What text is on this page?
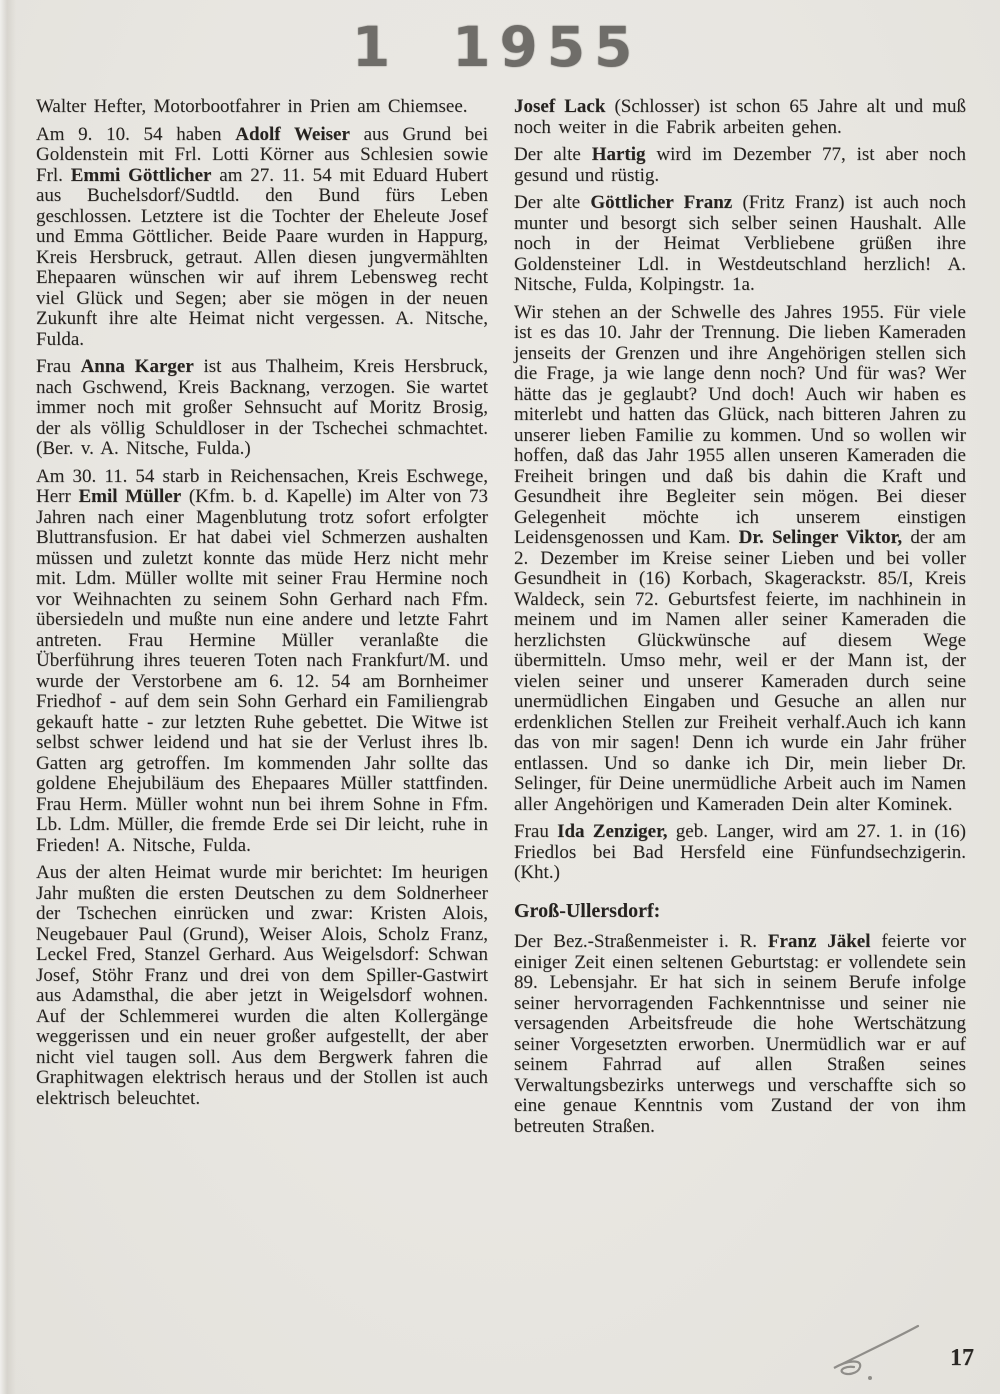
1 1955

Walter Hefter, Motorbootfahrer in Prien am Chiemsee.

Am 9. 10. 54 haben Adolf Weiser aus Grund bei Goldenstein mit Frl. Lotti Körner aus Schlesien sowie Frl. Emmi Göttlicher am 27. 11. 54 mit Eduard Hubert aus Buchelsdorf/Sudtld. den Bund fürs Leben geschlossen. Letztere ist die Tochter der Eheleute Josef und Emma Göttlicher. Beide Paare wurden in Happurg, Kreis Hersbruck, getraut. Allen diesen jungvermählten Ehepaaren wünschen wir auf ihrem Lebensweg recht viel Glück und Segen; aber sie mögen in der neuen Zukunft ihre alte Heimat nicht vergessen. A. Nitsche, Fulda.

Frau Anna Karger ist aus Thalheim, Kreis Hersbruck, nach Gschwend, Kreis Backnang, verzogen. Sie wartet immer noch mit großer Sehnsucht auf Moritz Brosig, der als völlig Schuldloser in der Tschechei schmachtet. (Ber. v. A. Nitsche, Fulda.)

Am 30. 11. 54 starb in Reichensachen, Kreis Eschwege, Herr Emil Müller (Kfm. b. d. Kapelle) im Alter von 73 Jahren nach einer Magenblutung trotz sofort erfolgter Bluttransfusion. Er hat dabei viel Schmerzen aushalten müssen und zuletzt konnte das müde Herz nicht mehr mit. Ldm. Müller wollte mit seiner Frau Hermine noch vor Weihnachten zu seinem Sohn Gerhard nach Ffm. übersiedeln und mußte nun eine andere und letzte Fahrt antreten. Frau Hermine Müller veranlaßte die Überführung ihres teueren Toten nach Frankfurt/M. und wurde der Verstorbene am 6. 12. 54 am Bornheimer Friedhof - auf dem sein Sohn Gerhard ein Familiengrab gekauft hatte - zur letzten Ruhe gebettet. Die Witwe ist selbst schwer leidend und hat sie der Verlust ihres lb. Gatten arg getroffen. Im kommenden Jahr sollte das goldene Ehejubiläum des Ehepaares Müller stattfinden. Frau Herm. Müller wohnt nun bei ihrem Sohne in Ffm. Lb. Ldm. Müller, die fremde Erde sei Dir leicht, ruhe in Frieden! A. Nitsche, Fulda.

Aus der alten Heimat wurde mir berichtet: Im heurigen Jahr mußten die ersten Deutschen zu dem Soldnerheer der Tschechen einrücken und zwar: Kristen Alois, Neugebauer Paul (Grund), Weiser Alois, Scholz Franz, Leckel Fred, Stanzel Gerhard. Aus Weigelsdorf: Schwan Josef, Stöhr Franz und drei von dem Spiller-Gastwirt aus Adamsthal, die aber jetzt in Weigelsdorf wohnen. Auf der Schlemmerei wurden die alten Kollergänge weggerissen und ein neuer großer aufgestellt, der aber nicht viel taugen soll. Aus dem Bergwerk fahren die Graphitwagen elektrisch heraus und der Stollen ist auch elektrisch beleuchtet.

Josef Lack (Schlosser) ist schon 65 Jahre alt und muß noch weiter in die Fabrik arbeiten gehen.

Der alte Hartig wird im Dezember 77, ist aber noch gesund und rüstig.

Der alte Göttlicher Franz (Fritz Franz) ist auch noch munter und besorgt sich selber seinen Haushalt. Alle noch in der Heimat Verbliebene grüßen ihre Goldensteiner Ldl. in Westdeutschland herzlich! A. Nitsche, Fulda, Kolpingstr. 1a.

Wir stehen an der Schwelle des Jahres 1955. Für viele ist es das 10. Jahr der Trennung. Die lieben Kameraden jenseits der Grenzen und ihre Angehörigen stellen sich die Frage, ja wie lange denn noch? Und für was? Wer hätte das je geglaubt? Und doch! Auch wir haben es miterlebt und hatten das Glück, nach bitteren Jahren zu unserer lieben Familie zu kommen. Und so wollen wir hoffen, daß das Jahr 1955 allen unseren Kameraden die Freiheit bringen und daß bis dahin die Kraft und Gesundheit ihre Begleiter sein mögen. Bei dieser Gelegenheit möchte ich unserem einstigen Leidensgenossen und Kam. Dr. Selinger Viktor, der am 2. Dezember im Kreise seiner Lieben und bei voller Gesundheit in (16) Korbach, Skagerackstr. 85/I, Kreis Waldeck, sein 72. Geburtsfest feierte, im nachhinein in meinem und im Namen aller seiner Kameraden die herzlichsten Glückwünsche auf diesem Wege übermitteln. Umso mehr, weil er der Mann ist, der vielen seiner und unserer Kameraden durch seine unermüdlichen Eingaben und Gesuche an allen nur erdenklichen Stellen zur Freiheit verhalf.Auch ich kann das von mir sagen! Denn ich wurde ein Jahr früher entlassen. Und so danke ich Dir, mein lieber Dr. Selinger, für Deine unermüdliche Arbeit auch im Namen aller Angehörigen und Kameraden Dein alter Kominek.

Frau Ida Zenziger, geb. Langer, wird am 27. 1. in (16) Friedlos bei Bad Hersfeld eine Fünfundsechzigerin. (Kht.)

Groß-Ullersdorf:

Der Bez.-Straßenmeister i. R. Franz Jäkel feierte vor einiger Zeit einen seltenen Geburtstag: er vollendete sein 89. Lebensjahr. Er hat sich in seinem Berufe infolge seiner hervorragenden Fachkenntnisse und seiner nie versagenden Arbeitsfreude die hohe Wertschätzung seiner Vorgesetzten erworben. Unermüdlich war er auf seinem Fahrrad auf allen Straßen seines Verwaltungsbezirks unterwegs und verschaffte sich so eine genaue Kenntnis vom Zustand der von ihm betreuten Straßen.

17
